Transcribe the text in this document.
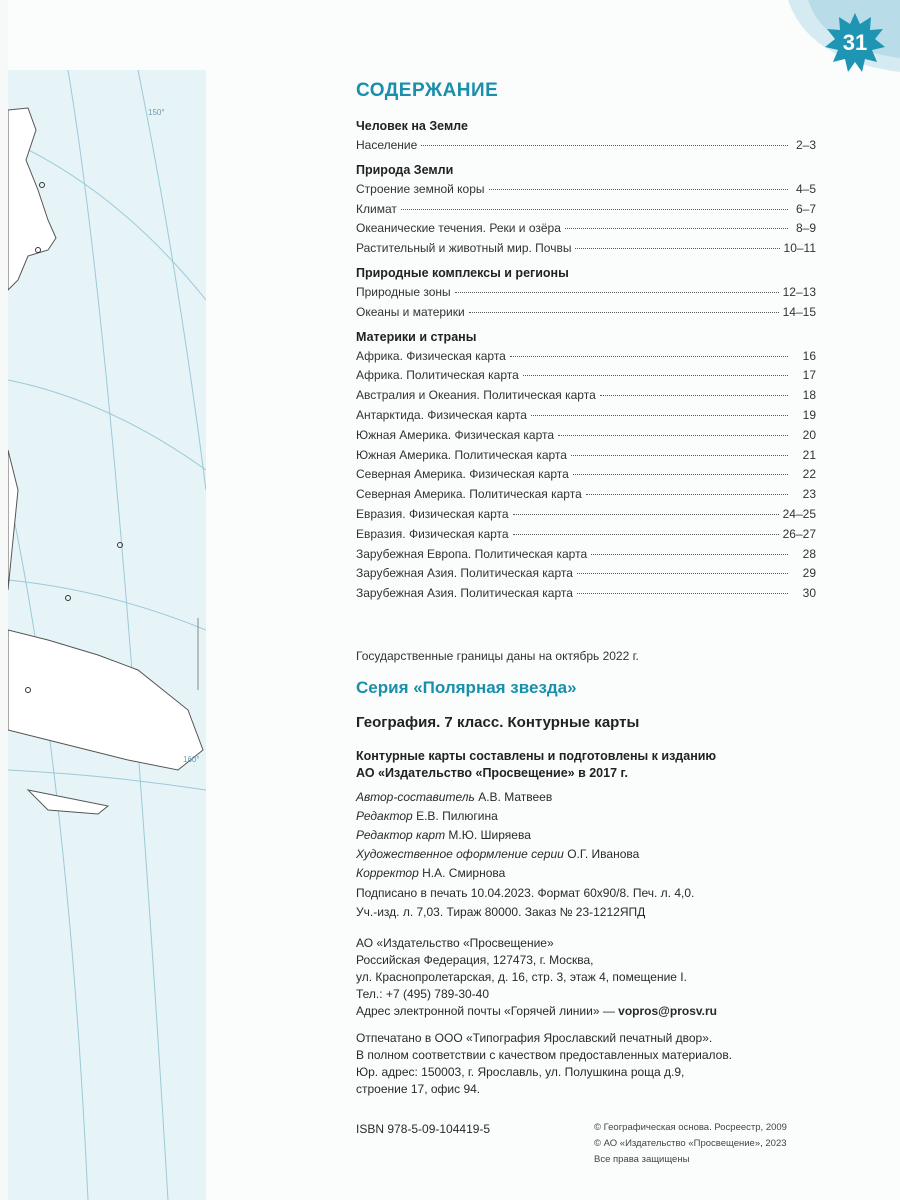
31
150°
160°
СОДЕРЖАНИЕ
Человек на Земле
Население	2–3
Природа Земли
Строение земной коры	4–5
Климат	6–7
Океанические течения. Реки и озёра	8–9
Растительный и животный мир. Почвы	10–11
Природные комплексы и регионы
Природные зоны	12–13
Океаны и материки	14–15
Материки и страны
Африка. Физическая карта	16
Африка. Политическая карта	17
Австралия и Океания. Политическая карта	18
Антарктида. Физическая карта	19
Южная Америка. Физическая карта	20
Южная Америка. Политическая карта	21
Северная Америка. Физическая карта	22
Северная Америка. Политическая карта	23
Евразия. Физическая карта	24–25
Евразия. Физическая карта	26–27
Зарубежная Европа. Политическая карта	28
Зарубежная Азия. Политическая карта	29
Зарубежная Азия. Политическая карта	30
Государственные границы даны на октябрь 2022 г.
Серия «Полярная звезда»
География. 7 класс. Контурные карты
Контурные карты составлены и подготовлены к изданию
АО «Издательство «Просвещение» в 2017 г.
Автор-составитель А.В. Матвеев
Редактор Е.В. Пилюгина
Редактор карт М.Ю. Ширяева
Художественное оформление серии О.Г. Иванова
Корректор Н.А. Смирнова
Подписано в печать 10.04.2023. Формат 60x90/8. Печ. л. 4,0.
Уч.-изд. л. 7,03. Тираж 80000. Заказ № 23-1212ЯПД
АО «Издательство «Просвещение»
Российская Федерация, 127473, г. Москва,
ул. Краснопролетарская, д. 16, стр. 3, этаж 4, помещение I.
Тел.: +7 (495) 789-30-40
Адрес электронной почты «Горячей линии» — vopros@prosv.ru
Отпечатано в ООО «Типография Ярославский печатный двор».
В полном соответствии с качеством предоставленных материалов.
Юр. адрес: 150003, г. Ярославль, ул. Полушкина роща д.9,
строение 17, офис 94.
ISBN 978-5-09-104419-5	© Географическая основа. Росреестр, 2009
© АО «Издательство «Просвещение», 2023
Все права защищены
